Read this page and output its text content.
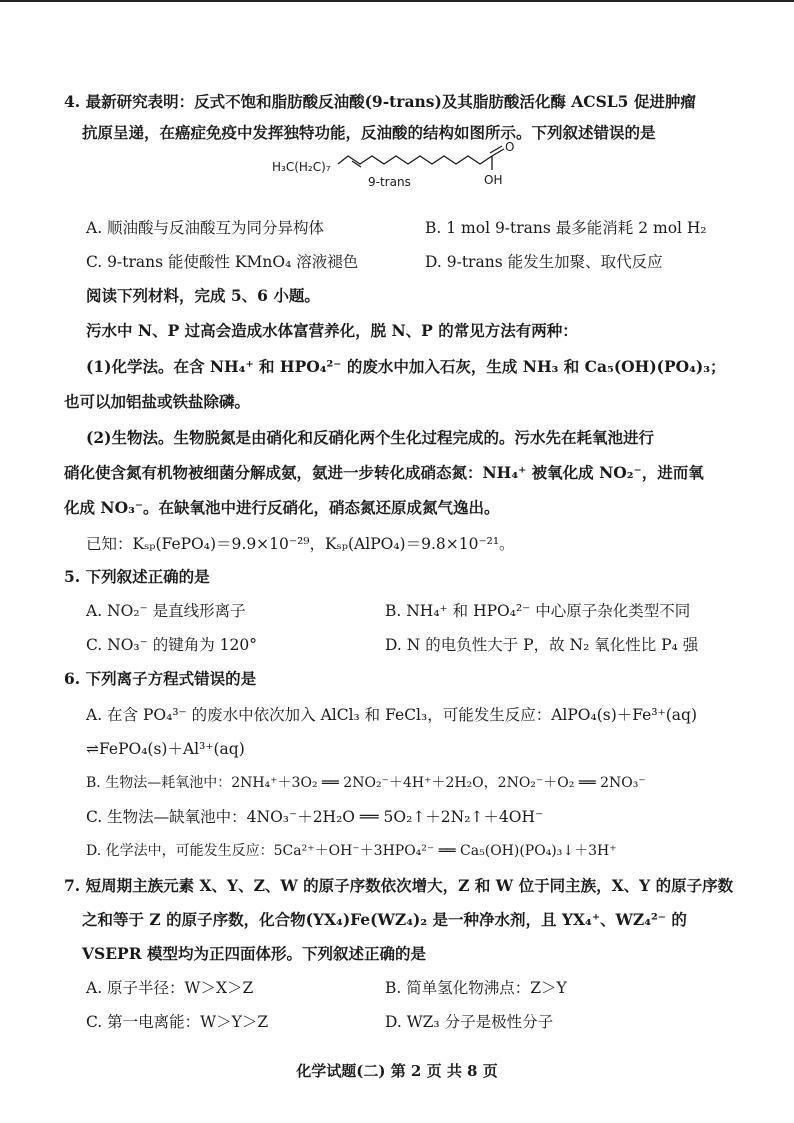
4. 最新研究表明：反式不饱和脂肪酸反油酸(9-trans)及其脂肪酸活化酶 ACSL5 促进肿瘤
抗原呈递，在癌症免疫中发挥独特功能，反油酸的结构如图所示。下列叙述错误的是
H₃C(H₂C)₇
O
OH
9-trans
A. 顺油酸与反油酸互为同分异构体	B. 1 mol 9-trans 最多能消耗 2 mol H₂
C. 9-trans 能使酸性 KMnO₄ 溶液褪色	D. 9-trans 能发生加聚、取代反应
阅读下列材料，完成 5、6 小题。
污水中 N、P 过高会造成水体富营养化，脱 N、P 的常见方法有两种：
(1)化学法。在含 NH₄⁺ 和 HPO₄²⁻ 的废水中加入石灰，生成 NH₃ 和 Ca₅(OH)(PO₄)₃；
也可以加铝盐或铁盐除磷。
(2)生物法。生物脱氮是由硝化和反硝化两个生化过程完成的。污水先在耗氧池进行
硝化使含氮有机物被细菌分解成氨，氨进一步转化成硝态氮：NH₄⁺ 被氧化成 NO₂⁻，进而氧
化成 NO₃⁻。在缺氧池中进行反硝化，硝态氮还原成氮气逸出。
已知：Kₛₚ(FePO₄)＝9.9×10⁻²⁹，Kₛₚ(AlPO₄)＝9.8×10⁻²¹。
5. 下列叙述正确的是
A. NO₂⁻ 是直线形离子	B. NH₄⁺ 和 HPO₄²⁻ 中心原子杂化类型不同
C. NO₃⁻ 的键角为 120°	D. N 的电负性大于 P，故 N₂ 氧化性比 P₄ 强
6. 下列离子方程式错误的是
A. 在含 PO₄³⁻ 的废水中依次加入 AlCl₃ 和 FeCl₃，可能发生反应：AlPO₄(s)＋Fe³⁺(aq)
⇌FePO₄(s)＋Al³⁺(aq)
B. 生物法—耗氧池中：2NH₄⁺＋3O₂ ══ 2NO₂⁻＋4H⁺＋2H₂O，2NO₂⁻＋O₂ ══ 2NO₃⁻
C. 生物法—缺氧池中：4NO₃⁻＋2H₂O ══ 5O₂↑＋2N₂↑＋4OH⁻
D. 化学法中，可能发生反应：5Ca²⁺＋OH⁻＋3HPO₄²⁻ ══ Ca₅(OH)(PO₄)₃↓＋3H⁺
7. 短周期主族元素 X、Y、Z、W 的原子序数依次增大，Z 和 W 位于同主族，X、Y 的原子序数
之和等于 Z 的原子序数，化合物(YX₄)Fe(WZ₄)₂ 是一种净水剂，且 YX₄⁺、WZ₄²⁻ 的
VSEPR 模型均为正四面体形。下列叙述正确的是
A. 原子半径：W＞X＞Z	B. 简单氢化物沸点：Z＞Y
C. 第一电离能：W＞Y＞Z	D. WZ₃ 分子是极性分子
化学试题(二) 第 2 页 共 8 页
